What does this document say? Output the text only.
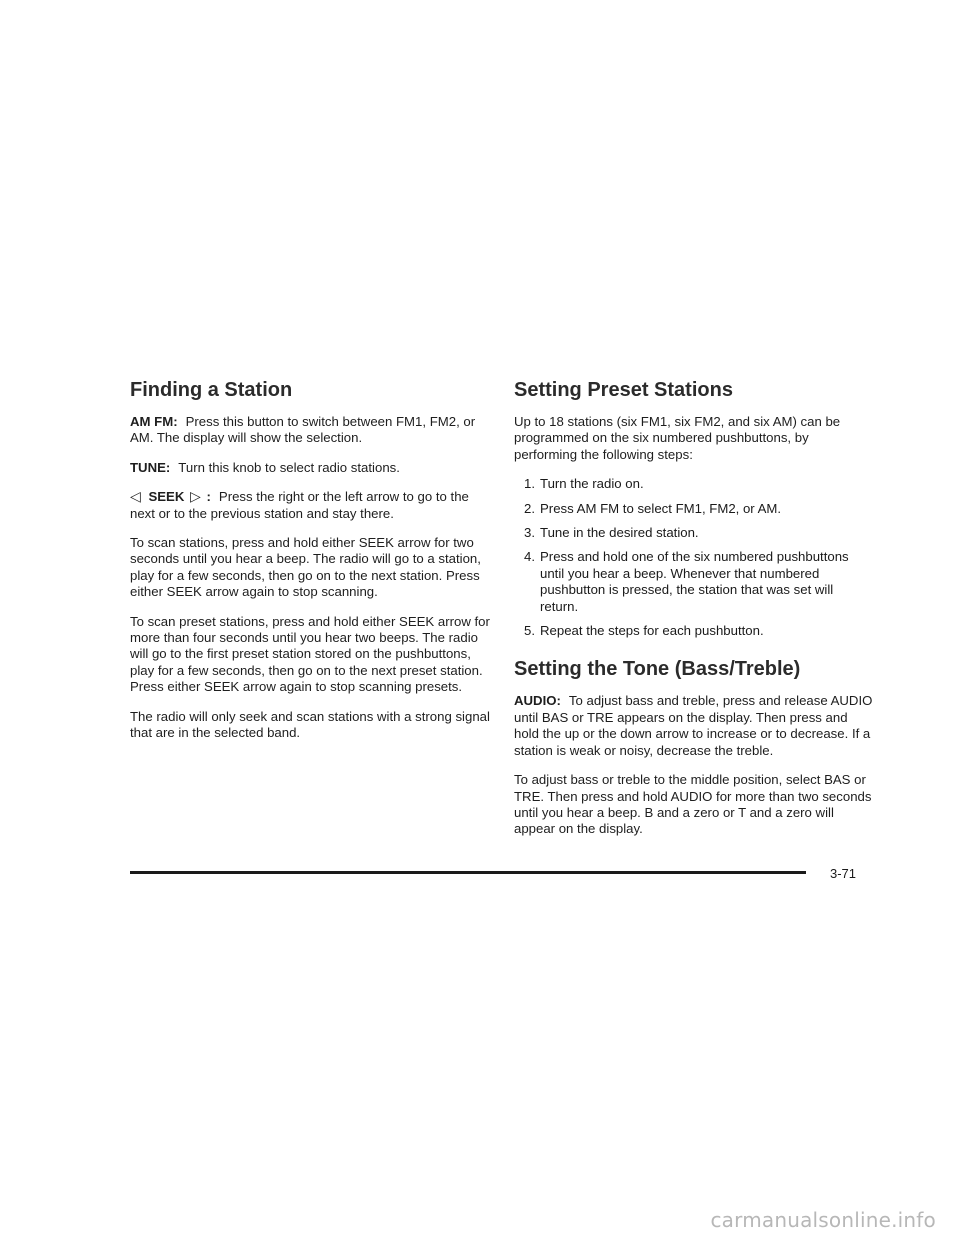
Finding a Station

AM FM: Press this button to switch between FM1, FM2, or AM. The display will show the selection.

TUNE: Turn this knob to select radio stations.

◁ SEEK ▷ : Press the right or the left arrow to go to the next or to the previous station and stay there.

To scan stations, press and hold either SEEK arrow for two seconds until you hear a beep. The radio will go to a station, play for a few seconds, then go on to the next station. Press either SEEK arrow again to stop scanning.

To scan preset stations, press and hold either SEEK arrow for more than four seconds until you hear two beeps. The radio will go to the first preset station stored on the pushbuttons, play for a few seconds, then go on to the next preset station. Press either SEEK arrow again to stop scanning presets.

The radio will only seek and scan stations with a strong signal that are in the selected band.

Setting Preset Stations

Up to 18 stations (six FM1, six FM2, and six AM) can be programmed on the six numbered pushbuttons, by performing the following steps:

1. Turn the radio on.
2. Press AM FM to select FM1, FM2, or AM.
3. Tune in the desired station.
4. Press and hold one of the six numbered pushbuttons until you hear a beep. Whenever that numbered pushbutton is pressed, the station that was set will return.
5. Repeat the steps for each pushbutton.
Setting the Tone (Bass/Treble)

AUDIO: To adjust bass and treble, press and release AUDIO until BAS or TRE appears on the display. Then press and hold the up or the down arrow to increase or to decrease. If a station is weak or noisy, decrease the treble.

To adjust bass or treble to the middle position, select BAS or TRE. Then press and hold AUDIO for more than two seconds until you hear a beep. B and a zero or T and a zero will appear on the display.

3-71
carmanualsonline.info
